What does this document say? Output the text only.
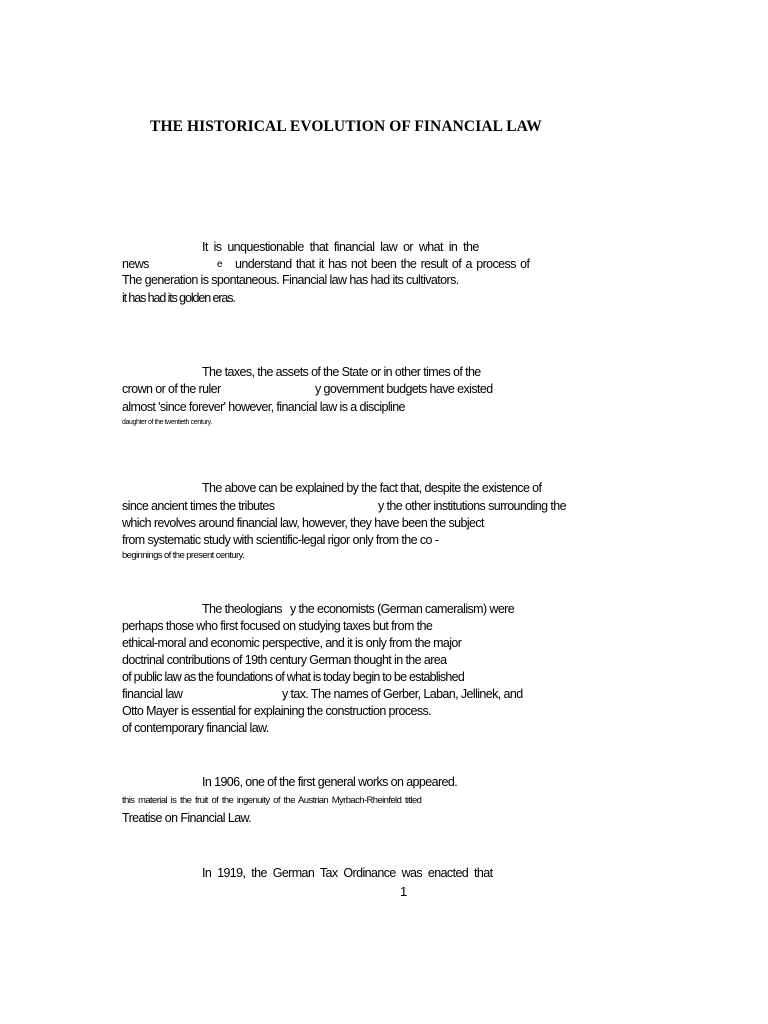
THE HISTORICAL EVOLUTION OF FINANCIAL LAW
It is unquestionable that financial law or what in the
news	e understand that it has not been the result of a process of
The generation is spontaneous. Financial law has had its cultivators.
it has had its golden eras.
The taxes, the assets of the State or in other times of the
crown or of the ruler	y government budgets have existed
almost 'since forever' however, financial law is a discipline
daughter of the twentieth century.
The above can be explained by the fact that, despite the existence of
since ancient times the tributes	y the other institutions surrounding the
which revolves around financial law, however, they have been the subject
from systematic study with scientific-legal rigor only from the co -
beginnings of the present century.
The theologians y the economists (German cameralism) were
perhaps those who first focused on studying taxes but from the
ethical-moral and economic perspective, and it is only from the major
doctrinal contributions of 19th century German thought in the area
of public law as the foundations of what is today begin to be established
financial law	y tax. The names of Gerber, Laban, Jellinek, and
Otto Mayer is essential for explaining the construction process.
of contemporary financial law.
In 1906, one of the first general works on appeared.
this material is the fruit of the ingenuity of the Austrian Myrbach-Rheinfeld titled
Treatise on Financial Law.
In 1919, the German Tax Ordinance was enacted that
1
